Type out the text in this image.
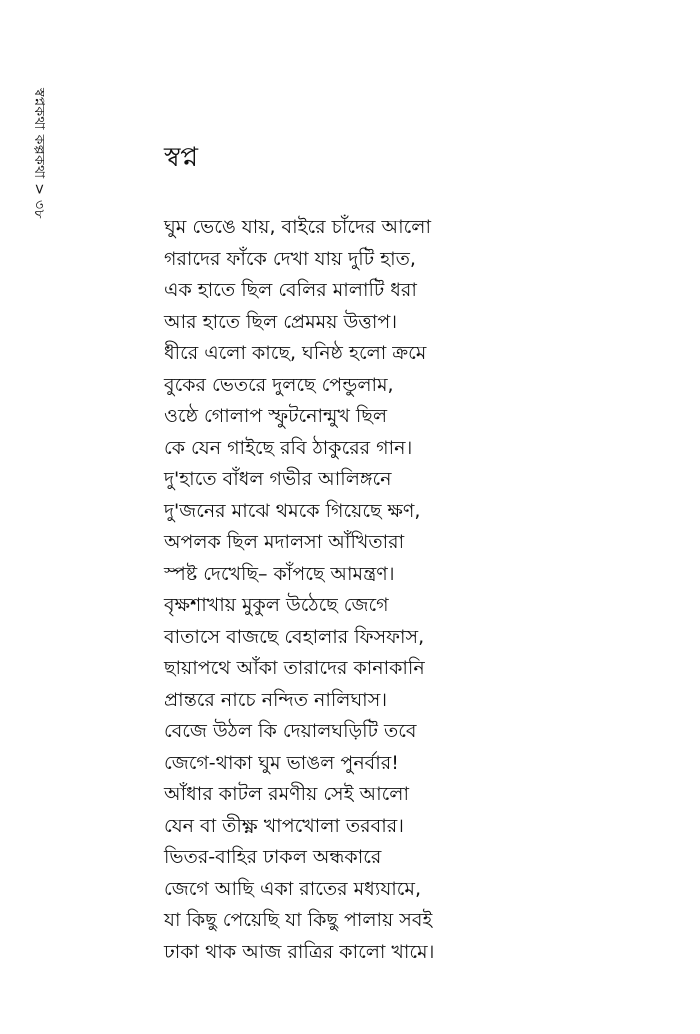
স্বপ্নকথা কল্পকথা > ৩৮	স্বপ্ন
ঘুম ভেঙে যায়, বাইরে চাঁদের আলো
গরাদের ফাঁকে দেখা যায় দুটি হাত,
এক হাতে ছিল বেলির মালাটি ধরা
আর হাতে ছিল প্রেমময় উত্তাপ।
ধীরে এলো কাছে, ঘনিষ্ঠ হলো ক্রমে
বুকের ভেতরে দুলছে পেন্ডুলাম,
ওষ্ঠে গোলাপ স্ফুটনোন্মুখ ছিল
কে যেন গাইছে রবি ঠাকুরের গান।
দু'হাতে বাঁধল গভীর আলিঙ্গনে
দু'জনের মাঝে থমকে গিয়েছে ক্ষণ,
অপলক ছিল মদালসা আঁখিতারা
স্পষ্ট দেখেছি– কাঁপছে আমন্ত্রণ।
বৃক্ষশাখায় মুকুল উঠেছে জেগে
বাতাসে বাজছে বেহালার ফিসফাস,
ছায়াপথে আঁকা তারাদের কানাকানি
প্রান্তরে নাচে নন্দিত নালিঘাস।
বেজে উঠল কি দেয়ালঘড়িটি তবে
জেগে-থাকা ঘুম ভাঙল পুনর্বার!
আঁধার কাটল রমণীয় সেই আলো
যেন বা তীক্ষ্ণ খাপখোলা তরবার।
ভিতর-বাহির ঢাকল অন্ধকারে
জেগে আছি একা রাতের মধ্যযামে,
যা কিছু পেয়েছি যা কিছু পালায় সবই
ঢাকা থাক আজ রাত্রির কালো খামে।
